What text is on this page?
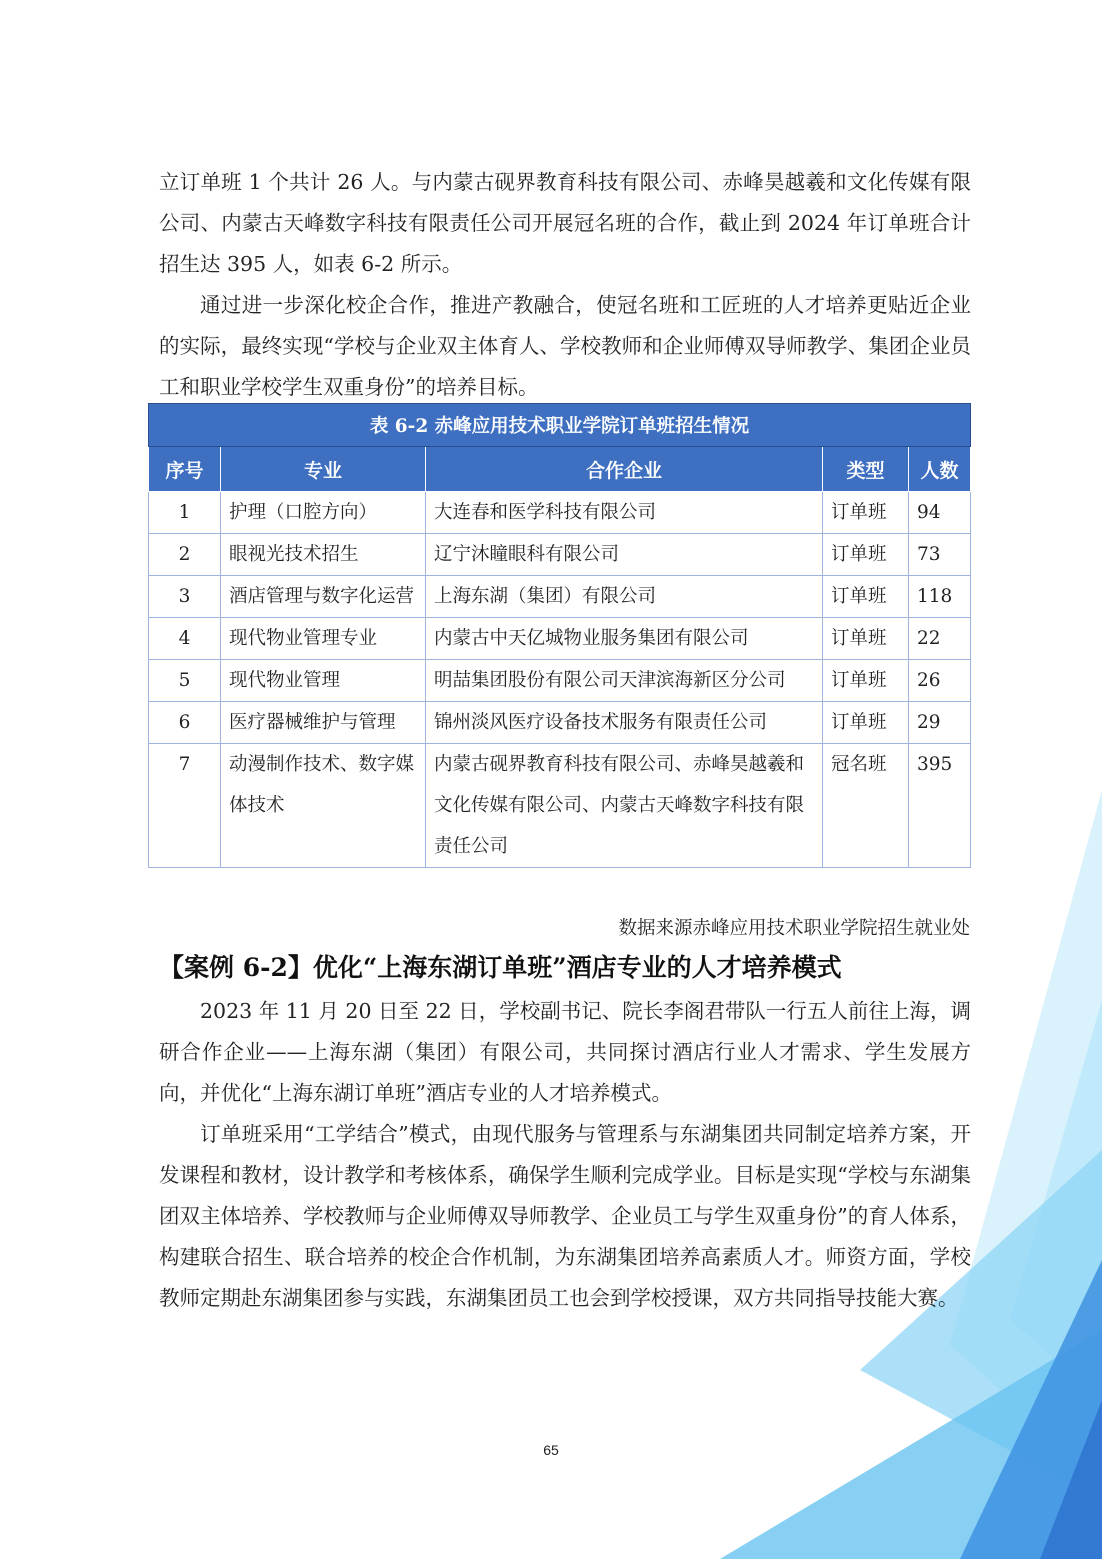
立订单班 1 个共计 26 人。与内蒙古砚界教育科技有限公司、赤峰昊越羲和文化传媒有限公司、内蒙古天峰数字科技有限责任公司开展冠名班的合作，截止到 2024 年订单班合计招生达 395 人，如表 6-2 所示。

通过进一步深化校企合作，推进产教融合，使冠名班和工匠班的人才培养更贴近企业的实际，最终实现“学校与企业双主体育人、学校教师和企业师傅双导师教学、集团企业员工和职业学校学生双重身份”的培养目标。

表 6-2 赤峰应用技术职业学院订单班招生情况				
序号	专业	合作企业	类型	人数
1	护理（口腔方向）	大连春和医学科技有限公司	订单班	94
2	眼视光技术招生	辽宁沐瞳眼科有限公司	订单班	73
3	酒店管理与数字化运营	上海东湖（集团）有限公司	订单班	118
4	现代物业管理专业	内蒙古中天亿城物业服务集团有限公司	订单班	22
5	现代物业管理	明喆集团股份有限公司天津滨海新区分公司	订单班	26
6	医疗器械维护与管理	锦州淡风医疗设备技术服务有限责任公司	订单班	29
7	动漫制作技术、数字媒体技术	内蒙古砚界教育科技有限公司、赤峰昊越羲和文化传媒有限公司、内蒙古天峰数字科技有限责任公司	冠名班	395
数据来源赤峰应用技术职业学院招生就业处
【案例 6-2】优化“上海东湖订单班”酒店专业的人才培养模式

2023 年 11 月 20 日至 22 日，学校副书记、院长李阁君带队一行五人前往上海，调研合作企业——上海东湖（集团）有限公司，共同探讨酒店行业人才需求、学生发展方向，并优化“上海东湖订单班”酒店专业的人才培养模式。

订单班采用“工学结合”模式，由现代服务与管理系与东湖集团共同制定培养方案，开发课程和教材，设计教学和考核体系，确保学生顺利完成学业。目标是实现“学校与东湖集团双主体培养、学校教师与企业师傅双导师教学、企业员工与学生双重身份”的育人体系，构建联合招生、联合培养的校企合作机制，为东湖集团培养高素质人才。师资方面，学校教师定期赴东湖集团参与实践，东湖集团员工也会到学校授课，双方共同指导技能大赛。

65
